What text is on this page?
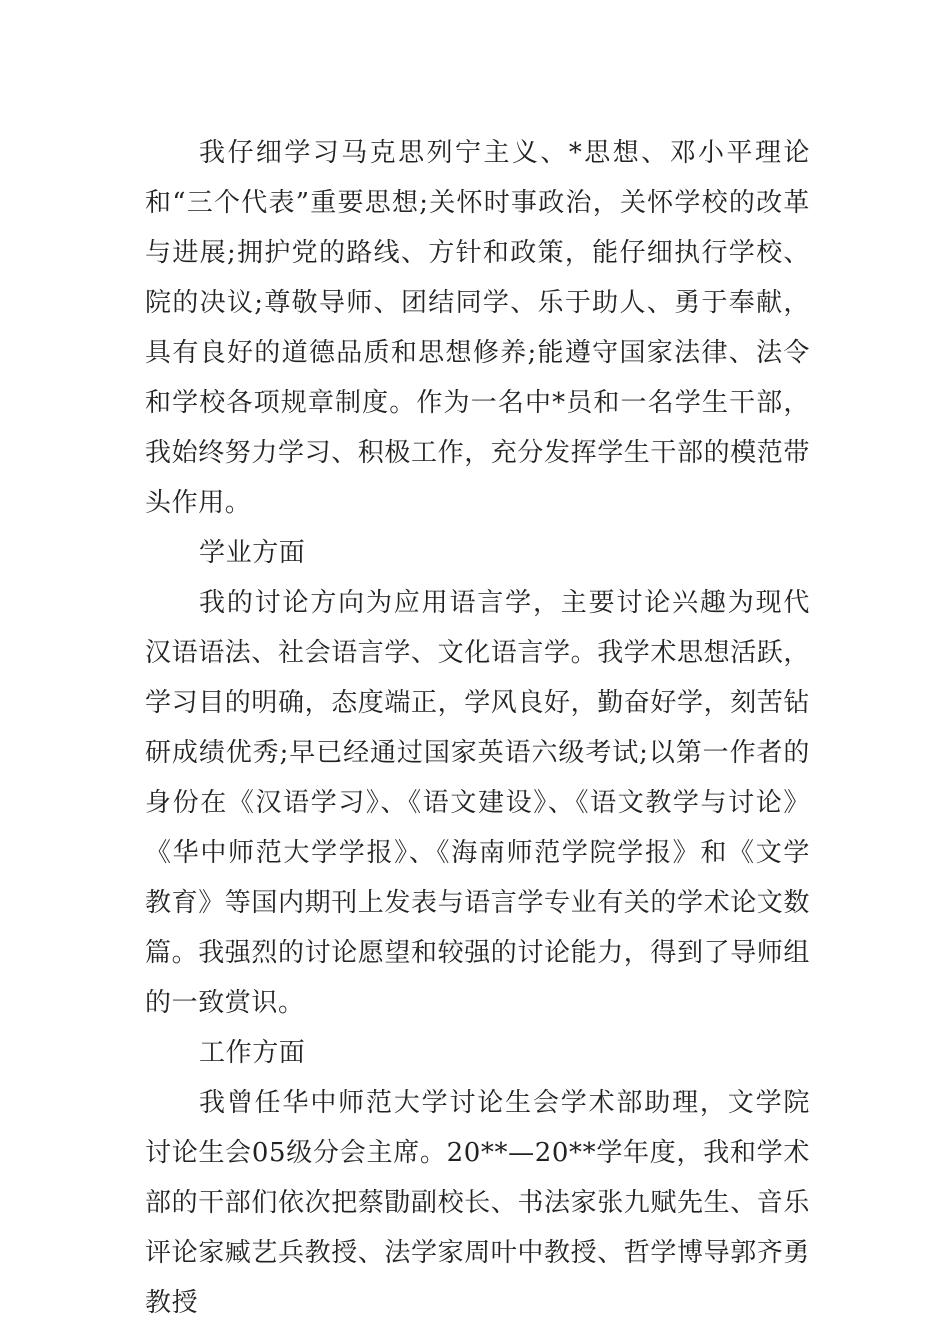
我仔细学习马克思列宁主义、*思想、邓小平理论和“三个代表”重要思想;关怀时事政治，关怀学校的改革与进展;拥护党的路线、方针和政策，能仔细执行学校、院的决议;尊敬导师、团结同学、乐于助人、勇于奉献，具有良好的道德品质和思想修养;能遵守国家法律、法令和学校各项规章制度。作为一名中*员和一名学生干部，我始终努力学习、积极工作，充分发挥学生干部的模范带头作用。

学业方面

我的讨论方向为应用语言学，主要讨论兴趣为现代汉语语法、社会语言学、文化语言学。我学术思想活跃，学习目的明确，态度端正，学风良好，勤奋好学，刻苦钻研成绩优秀;早已经通过国家英语六级考试;以第一作者的身份在《汉语学习》、《语文建设》、《语文教学与讨论》《华中师范大学学报》、《海南师范学院学报》和《文学教育》等国内期刊上发表与语言学专业有关的学术论文数篇。我强烈的讨论愿望和较强的讨论能力，得到了导师组的一致赏识。

工作方面

我曾任华中师范大学讨论生会学术部助理，文学院讨论生会05级分会主席。20**—20**学年度，我和学术部的干部们依次把蔡勖副校长、书法家张九赋先生、音乐评论家臧艺兵教授、法学家周叶中教授、哲学博导郭齐勇教授
